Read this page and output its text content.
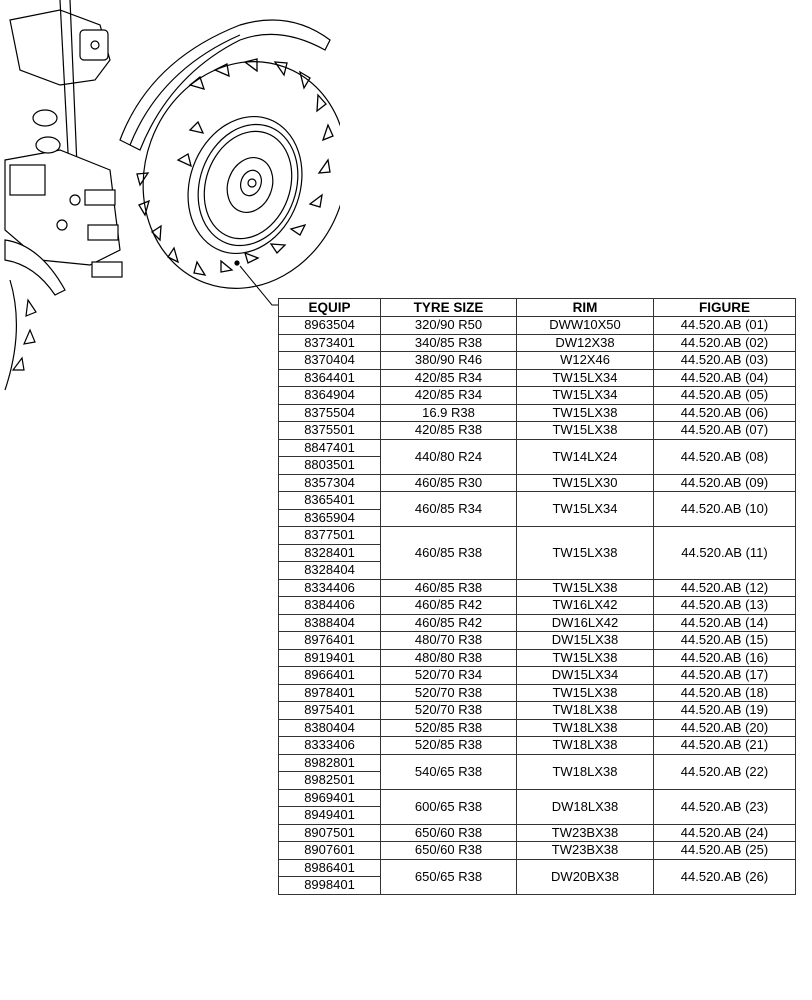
EQUIP	TYRE SIZE	RIM	FIGURE
8963504	320/90 R50	DWW10X50	44.520.AB (01)
8373401	340/85 R38	DW12X38	44.520.AB (02)
8370404	380/90 R46	W12X46	44.520.AB (03)
8364401	420/85 R34	TW15LX34	44.520.AB (04)
8364904	420/85 R34	TW15LX34	44.520.AB (05)
8375504	16.9 R38	TW15LX38	44.520.AB (06)
8375501	420/85 R38	TW15LX38	44.520.AB (07)
8847401	440/80 R24	TW14LX24	44.520.AB (08)
8803501			
8357304	460/85 R30	TW15LX30	44.520.AB (09)
8365401	460/85 R34	TW15LX34	44.520.AB (10)
8365904			
8377501	460/85 R38	TW15LX38	44.520.AB (11)
8328401			
8328404			
8334406	460/85 R38	TW15LX38	44.520.AB (12)
8384406	460/85 R42	TW16LX42	44.520.AB (13)
8388404	460/85 R42	DW16LX42	44.520.AB (14)
8976401	480/70 R38	DW15LX38	44.520.AB (15)
8919401	480/80 R38	TW15LX38	44.520.AB (16)
8966401	520/70 R34	DW15LX34	44.520.AB (17)
8978401	520/70 R38	TW15LX38	44.520.AB (18)
8975401	520/70 R38	TW18LX38	44.520.AB (19)
8380404	520/85 R38	TW18LX38	44.520.AB (20)
8333406	520/85 R38	TW18LX38	44.520.AB (21)
8982801	540/65 R38	TW18LX38	44.520.AB (22)
8982501			
8969401	600/65 R38	DW18LX38	44.520.AB (23)
8949401			
8907501	650/60 R38	TW23BX38	44.520.AB (24)
8907601	650/60 R38	TW23BX38	44.520.AB (25)
8986401	650/65 R38	DW20BX38	44.520.AB (26)
8998401			
